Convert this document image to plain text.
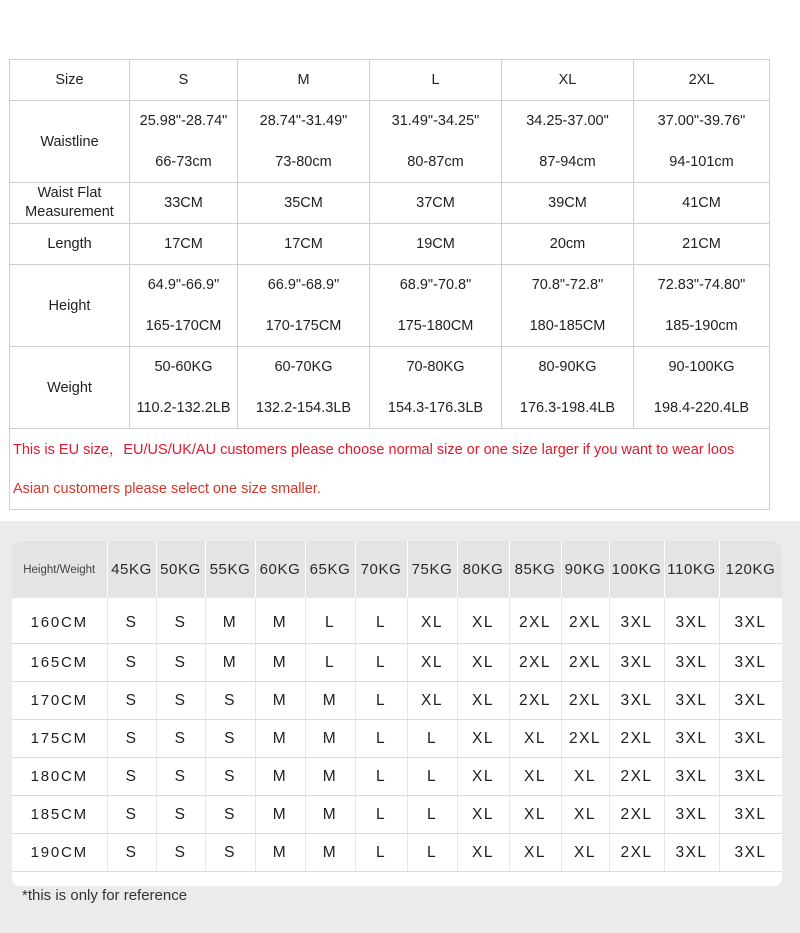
Size	S	M	L	XL	2XL
Waistline	25.98"-28.74"	28.74"-31.49"	31.49"-34.25"	34.25-37.00"	37.00"-39.76"
	66-73cm	73-80cm	80-87cm	87-94cm	94-101cm
Waist Flat
Measurement	33CM	35CM	37CM	39CM	41CM
Length	17CM	17CM	19CM	20cm	21CM
Height	64.9"-66.9"	66.9"-68.9"	68.9"-70.8"	70.8"-72.8"	72.83"-74.80"
	165-170CM	170-175CM	175-180CM	180-185CM	185-190cm
Weight	50-60KG	60-70KG	70-80KG	80-90KG	90-100KG
	110.2-132.2LB	132.2-154.3LB	154.3-176.3LB	176.3-198.4LB	198.4-220.4LB
This is EU size，EU/US/UK/AU customers please choose normal size or one size larger if you want to wear loos					
Asian customers please select one size smaller.					
Height/Weight	45KG	50KG	55KG	60KG	65KG	70KG	75KG	80KG	85KG	90KG	100KG	110KG	120KG
160CM	S	S	M	M	L	L	XL	XL	2XL	2XL	3XL	3XL	3XL
165CM	S	S	M	M	L	L	XL	XL	2XL	2XL	3XL	3XL	3XL
170CM	S	S	S	M	M	L	XL	XL	2XL	2XL	3XL	3XL	3XL
175CM	S	S	S	M	M	L	L	XL	XL	2XL	2XL	3XL	3XL
180CM	S	S	S	M	M	L	L	XL	XL	XL	2XL	3XL	3XL
185CM	S	S	S	M	M	L	L	XL	XL	XL	2XL	3XL	3XL
190CM	S	S	S	M	M	L	L	XL	XL	XL	2XL	3XL	3XL
*this is only for reference
